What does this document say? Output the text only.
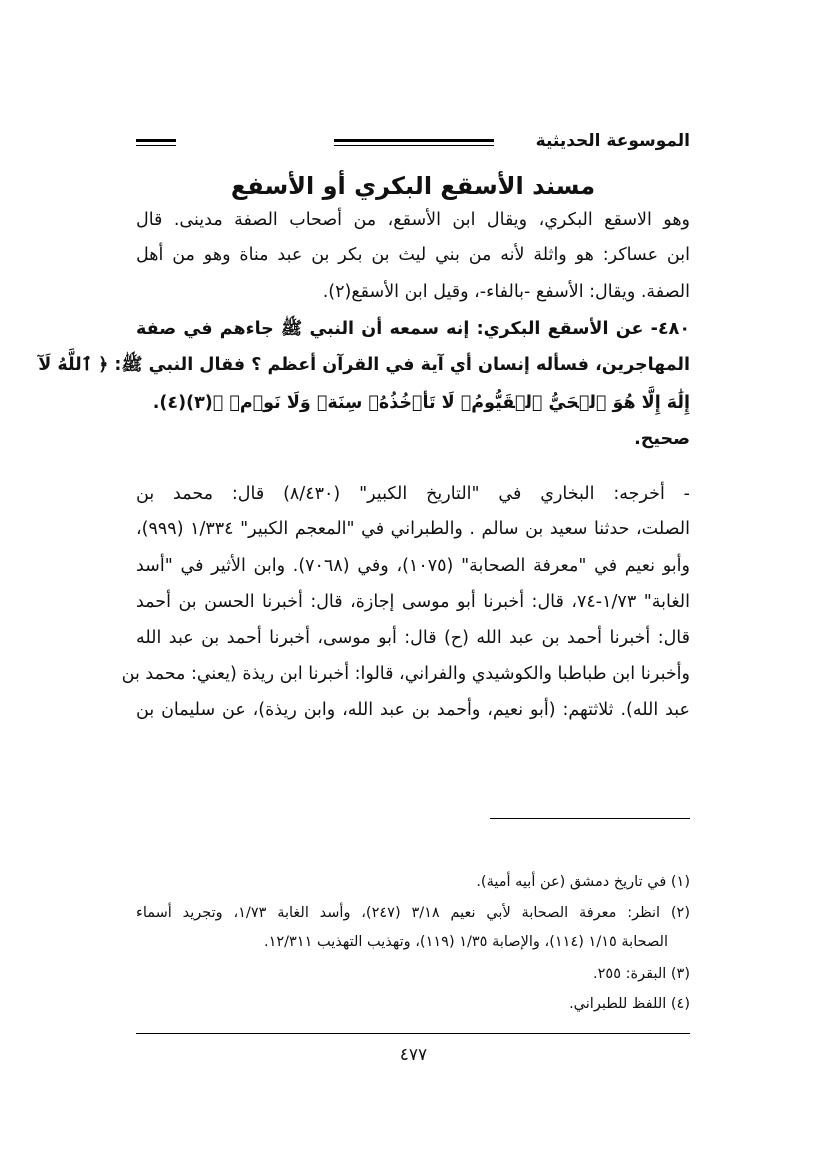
الموسوعة الحديثية
مسند الأسقع البكري أو الأسفع
وهو الاسقع البكري، ويقال ابن الأسقع، من أصحاب الصفة مدينى. قال
ابن عساكر: هو واثلة لأنه من بني ليث بن بكر بن عبد مناة وهو من أهل
الصفة. ويقال: الأسفع -بالفاء-، وقيل ابن الأسقع(٢).
٤٨٠- عن الأسقع البكري: إنه سمعه أن النبي ﷺ جاءهم في صفة
المهاجرين، فسأله إنسان أي آية في القرآن أعظم ؟ فقال النبي ﷺ: ﴿ ٱللَّهُ لَآ
إِلَٰهَ إِلَّا هُوَ ٱلۡحَيُّ ٱلۡقَيُّومُۚ لَا تَأۡخُذُهُۥ سِنَةٞ وَلَا نَوۡمٞ ﴾(٣)(٤).
صحيح.
- أخرجه: البخاري في "التاريخ الكبير" (٨/٤٣٠) قال: محمد بن
الصلت، حدثنا سعيد بن سالم . والطبراني في "المعجم الكبير" ١/٣٣٤ (٩٩٩)،
وأبو نعيم في "معرفة الصحابة" (١٠٧٥)، وفي (٧٠٦٨). وابن الأثير في "أسد
الغابة" ١/٧٣-٧٤، قال: أخبرنا أبو موسى إجازة، قال: أخبرنا الحسن بن أحمد
قال: أخبرنا أحمد بن عبد الله (ح) قال: أبو موسى، أخبرنا أحمد بن عبد الله
وأخبرنا ابن طباطبا والكوشيدي والفراني، قالوا: أخبرنا ابن ريذة (يعني: محمد بن
عبد الله). ثلاثتهم: (أبو نعيم، وأحمد بن عبد الله، وابن ريذة)، عن سليمان بن
(١) في تاريخ دمشق (عن أبيه أمية).
(٢) انظر: معرفة الصحابة لأبي نعيم ٣/١٨ (٢٤٧)، وأسد الغابة ١/٧٣، وتجريد أسماء
الصحابة ١/١٥ (١١٤)، والإصابة ١/٣٥ (١١٩)، وتهذيب التهذيب ١٢/٣١١.
(٣) البقرة: ٢٥٥.
(٤) اللفظ للطبراني.
٤٧٧
